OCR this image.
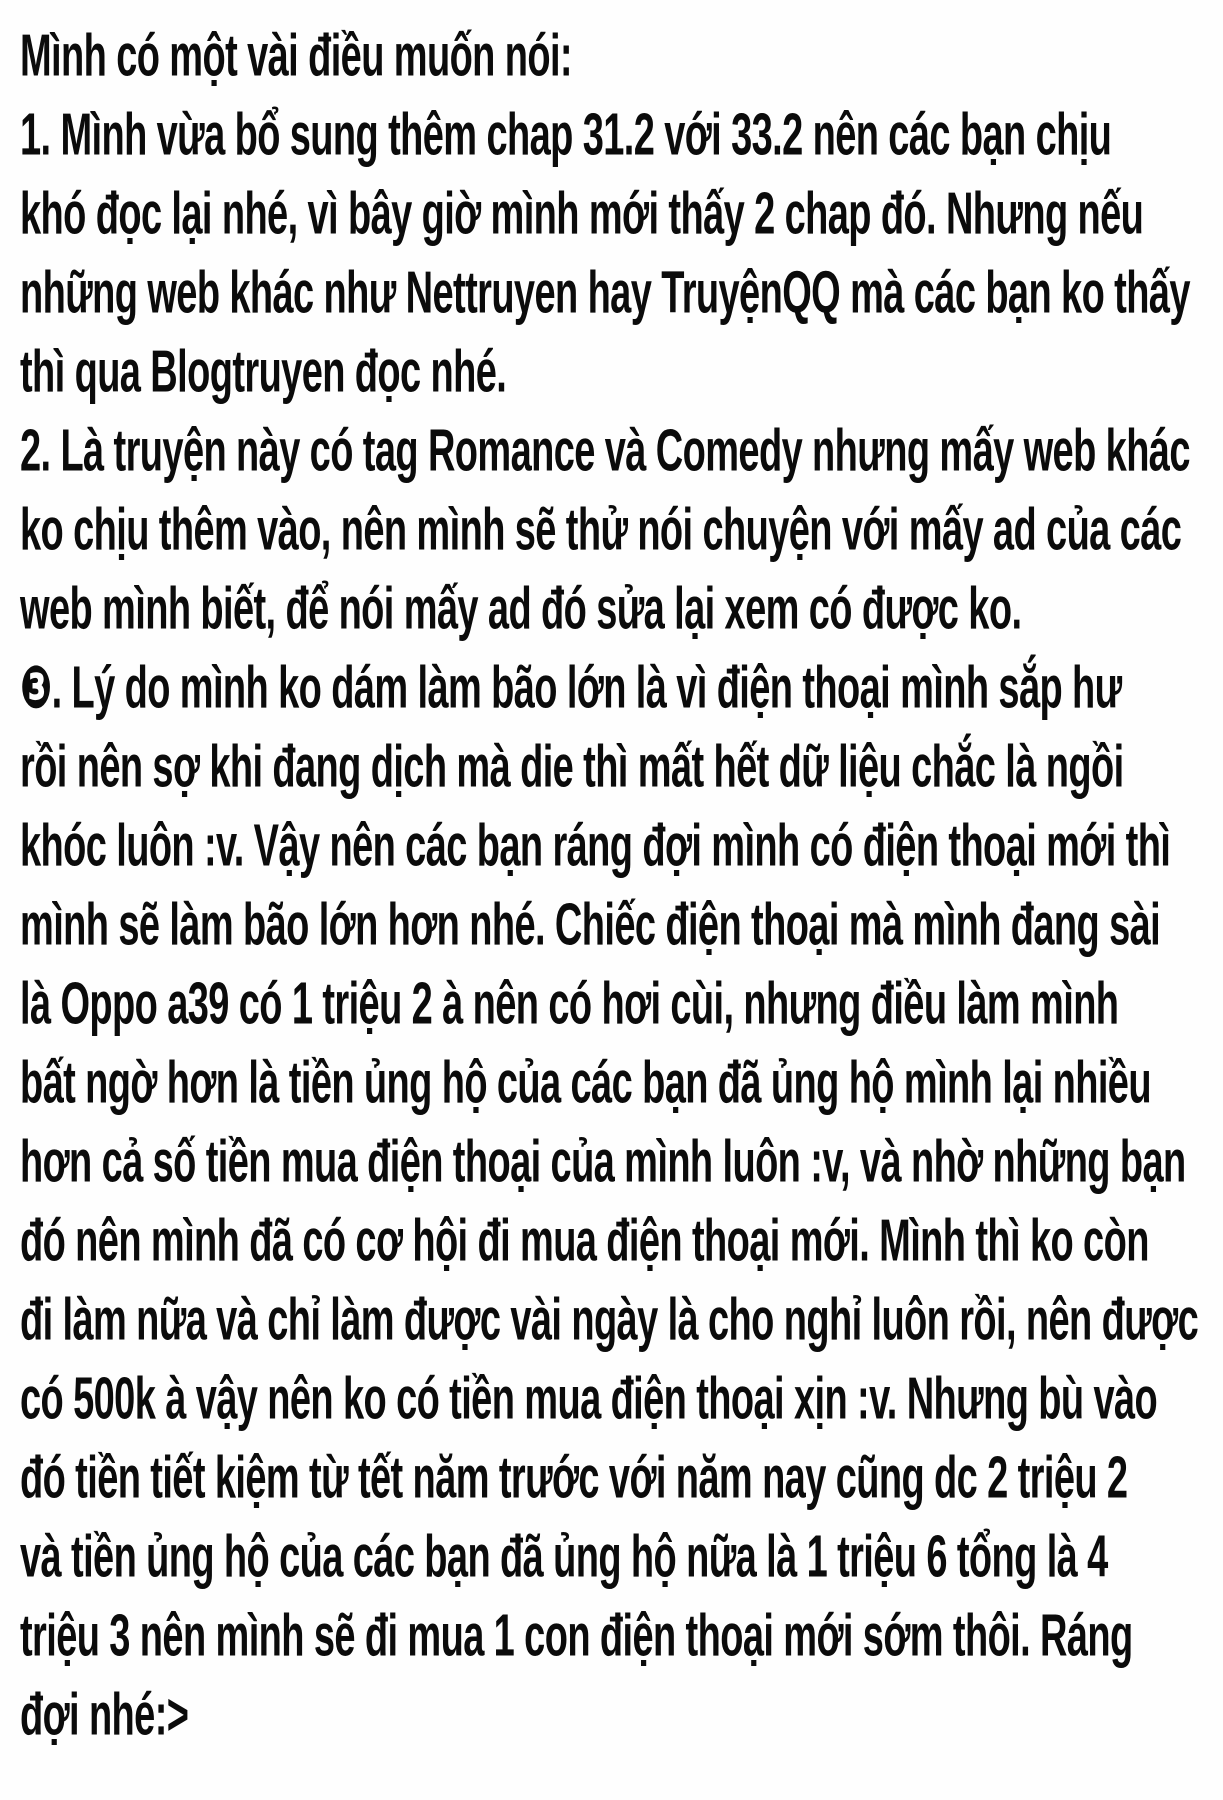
Mình có một vài điều muốn nói:
1. Mình vừa bổ sung thêm chap 31.2 với 33.2 nên các bạn chịu
khó đọc lại nhé, vì bây giờ mình mới thấy 2 chap đó. Nhưng nếu
những web khác như Nettruyen hay TruyệnQQ mà các bạn ko thấy
thì qua Blogtruyen đọc nhé.
2. Là truyện này có tag Romance và Comedy nhưng mấy web khác
ko chịu thêm vào, nên mình sẽ thử nói chuyện với mấy ad của các
web mình biết, để nói mấy ad đó sửa lại xem có được ko.
❸. Lý do mình ko dám làm bão lớn là vì điện thoại mình sắp hư
rồi nên sợ khi đang dịch mà die thì mất hết dữ liệu chắc là ngồi
khóc luôn :v. Vậy nên các bạn ráng đợi mình có điện thoại mới thì
mình sẽ làm bão lớn hơn nhé. Chiếc điện thoại mà mình đang sài
là Oppo a39 có 1 triệu 2 à nên có hơi cùi, nhưng điều làm mình
bất ngờ hơn là tiền ủng hộ của các bạn đã ủng hộ mình lại nhiều
hơn cả số tiền mua điện thoại của mình luôn :v, và nhờ những bạn
đó nên mình đã có cơ hội đi mua điện thoại mới. Mình thì ko còn
đi làm nữa và chỉ làm được vài ngày là cho nghỉ luôn rồi, nên được
có 500k à vậy nên ko có tiền mua điện thoại xịn :v. Nhưng bù vào
đó tiền tiết kiệm từ tết năm trước với năm nay cũng dc 2 triệu 2
và tiền ủng hộ của các bạn đã ủng hộ nữa là 1 triệu 6 tổng là 4
triệu 3 nên mình sẽ đi mua 1 con điện thoại mới sớm thôi. Ráng
đợi nhé:>
